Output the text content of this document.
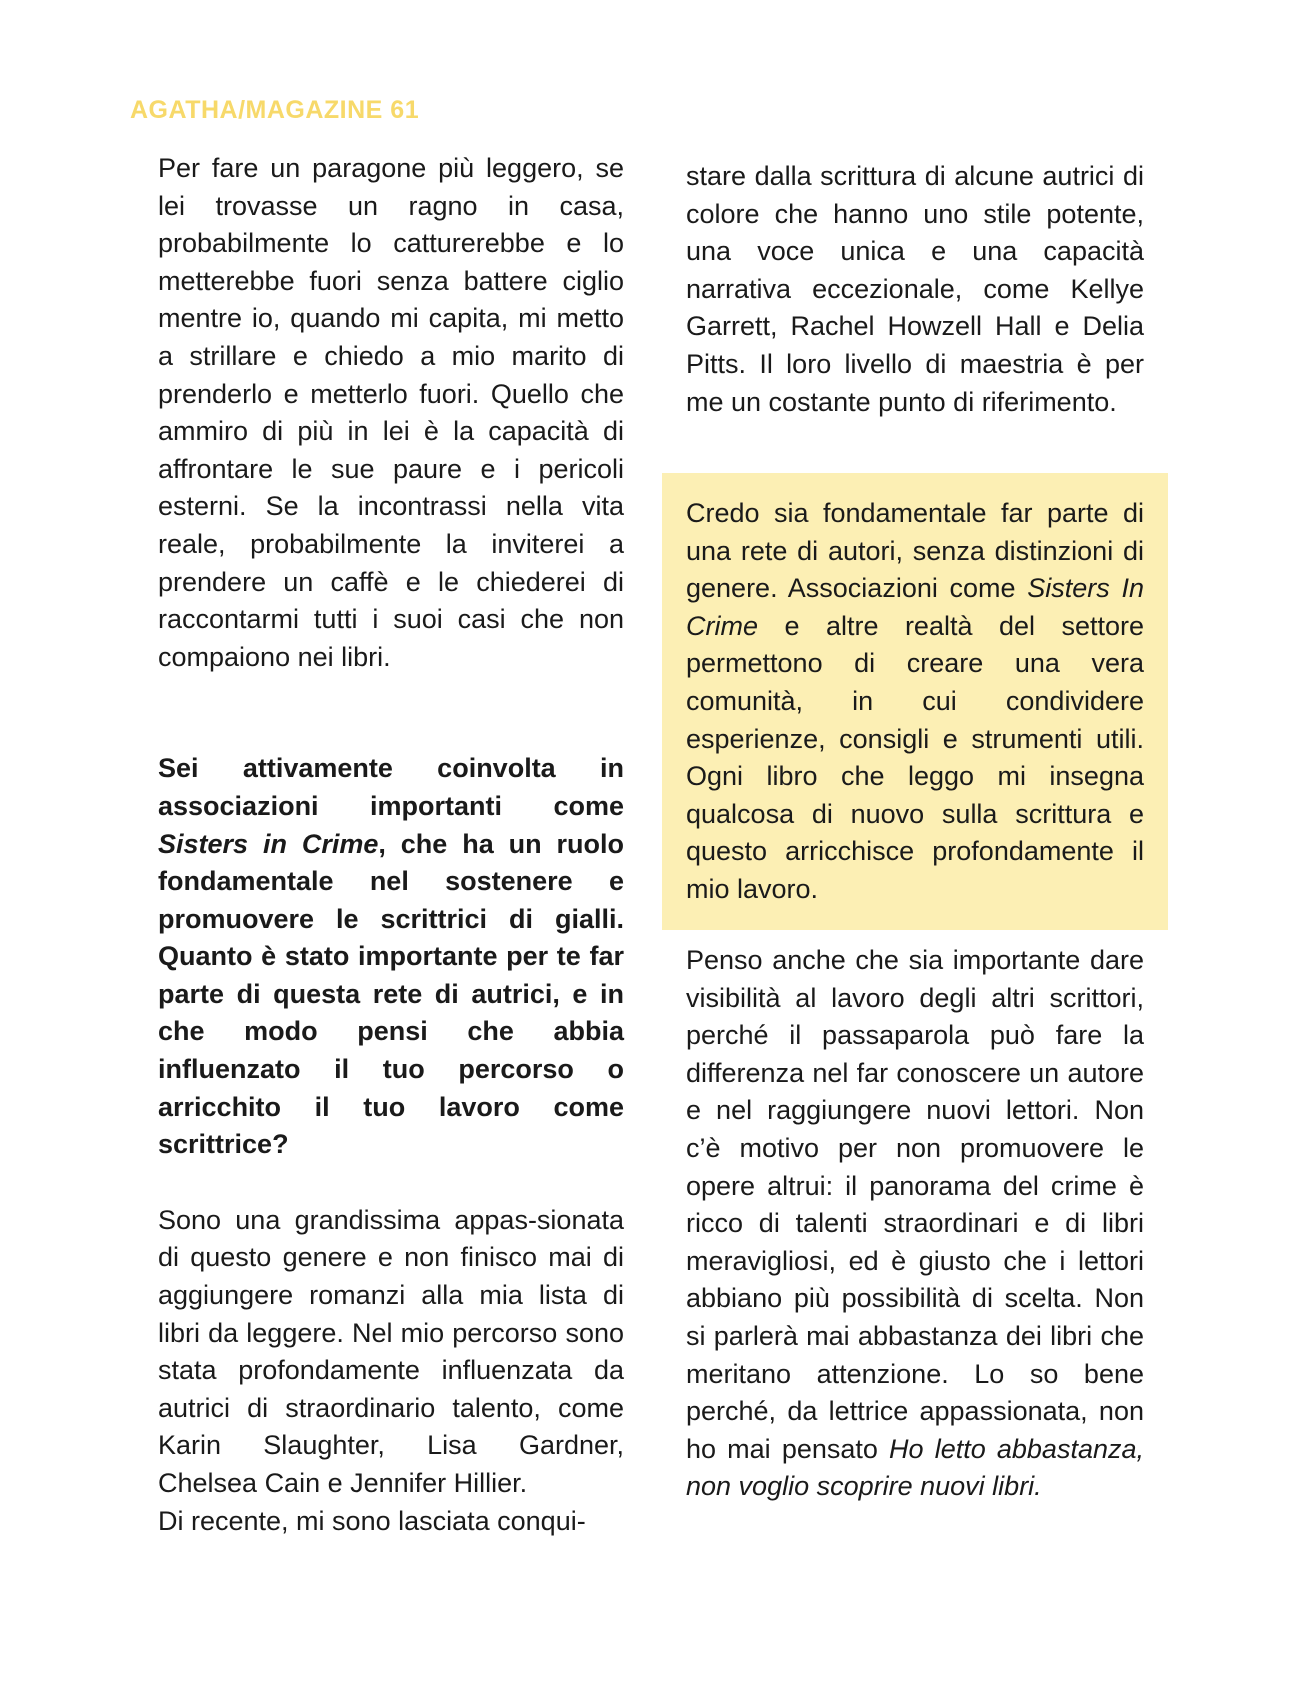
AGATHA/MAGAZINE 61

Per fare un paragone più leggero, se lei trovasse un ragno in casa, probabilmente lo catturerebbe e lo metterebbe fuori senza battere ciglio mentre io, quando mi capita, mi metto a strillare e chiedo a mio marito di prenderlo e metterlo fuori. Quello che ammiro di più in lei è la capacità di affrontare le sue paure e i pericoli esterni. Se la incontrassi nella vita reale, probabilmente la inviterei a prendere un caffè e le chiederei di raccontarmi tutti i suoi casi che non compaiono nei libri.

Sei attivamente coinvolta in associazioni importanti come Sisters in Crime, che ha un ruolo fondamentale nel sostenere e promuovere le scrittrici di gialli. Quanto è stato importante per te far parte di questa rete di autrici, e in che modo pensi che abbia influenzato il tuo percorso o arricchito il tuo lavoro come scrittrice?

Sono una grandissima appas-sionata di questo genere e non finisco mai di aggiungere romanzi alla mia lista di libri da leggere. Nel mio percorso sono stata profondamente influenzata da autrici di straordinario talento, come Karin Slaughter, Lisa Gardner, Chelsea Cain e Jennifer Hillier.

Di recente, mi sono lasciata conqui-

stare dalla scrittura di alcune autrici di colore che hanno uno stile potente, una voce unica e una capacità narrativa eccezionale, come Kellye Garrett, Rachel Howzell Hall e Delia Pitts. Il loro livello di maestria è per me un costante punto di riferimento.

Credo sia fondamentale far parte di una rete di autori, senza distinzioni di genere. Associazioni come Sisters In Crime e altre realtà del settore permettono di creare una vera comunità, in cui condividere esperienze, consigli e strumenti utili. Ogni libro che leggo mi insegna qualcosa di nuovo sulla scrittura e questo arricchisce profondamente il mio lavoro.

Penso anche che sia importante dare visibilità al lavoro degli altri scrittori, perché il passaparola può fare la differenza nel far conoscere un autore e nel raggiungere nuovi lettori. Non c’è motivo per non promuovere le opere altrui: il panorama del crime è ricco di talenti straordinari e di libri meravigliosi, ed è giusto che i lettori abbiano più possibilità di scelta. Non si parlerà mai abbastanza dei libri che meritano attenzione. Lo so bene perché, da lettrice appassionata, non ho mai pensato Ho letto abbastanza, non voglio scoprire nuovi libri.
